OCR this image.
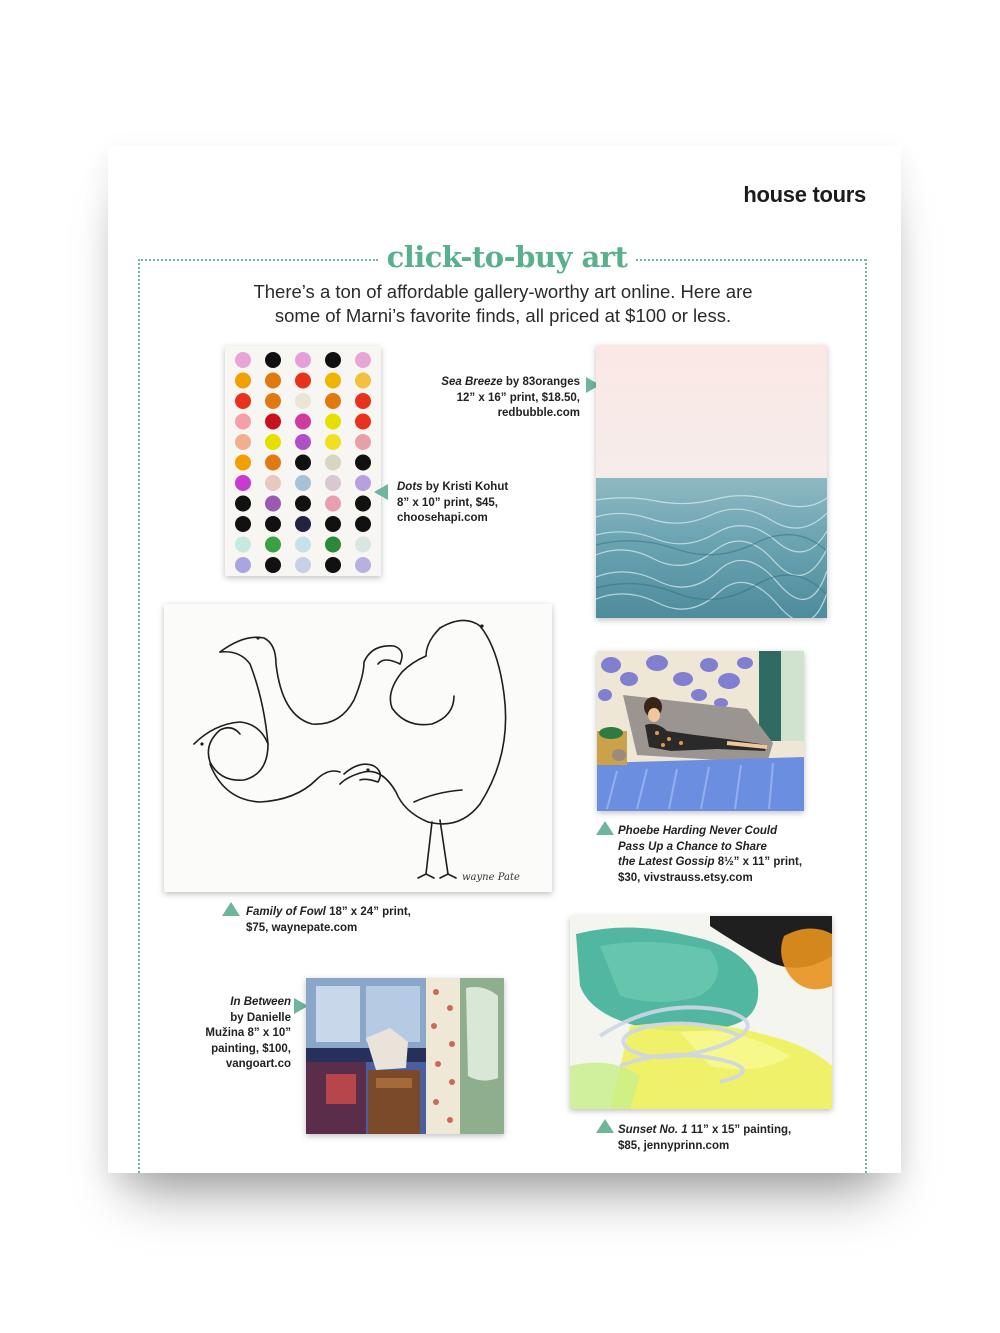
house tours
click-to-buy art
There’s a ton of affordable gallery-worthy art online. Here are
some of Marni’s favorite finds, all priced at $100 or less.
Dots by Kristi Kohut
8” x 10” print, $45,
choosehapi.com
Sea Breeze by 83oranges
12” x 16” print, $18.50,
redbubble.com
wayne Pate
Family of Fowl 18” x 24” print,
$75, waynepate.com
Phoebe Harding Never Could
Pass Up a Chance to Share
the Latest Gossip 8½” x 11” print,
$30, vivstrauss.etsy.com
Sunset No. 1 11” x 15” painting,
$85, jennyprinn.com
In Between
by Danielle
Mužina 8” x 10”
painting, $100,
vangoart.co
